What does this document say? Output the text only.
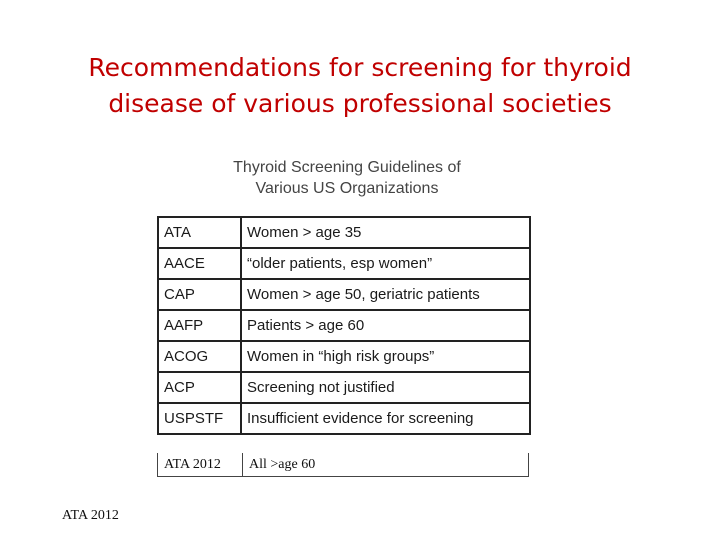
Recommendations for screening for thyroid
disease of various professional societies
Thyroid Screening Guidelines of
Various US Organizations
ATA	Women > age 35
AACE	“older patients, esp women”
CAP	Women > age 50, geriatric patients
AAFP	Patients > age 60
ACOG	Women in “high risk groups”
ACP	Screening not justified
USPSTF	Insufficient evidence for screening
ATA 2012	All >age 60
ATA 2012
